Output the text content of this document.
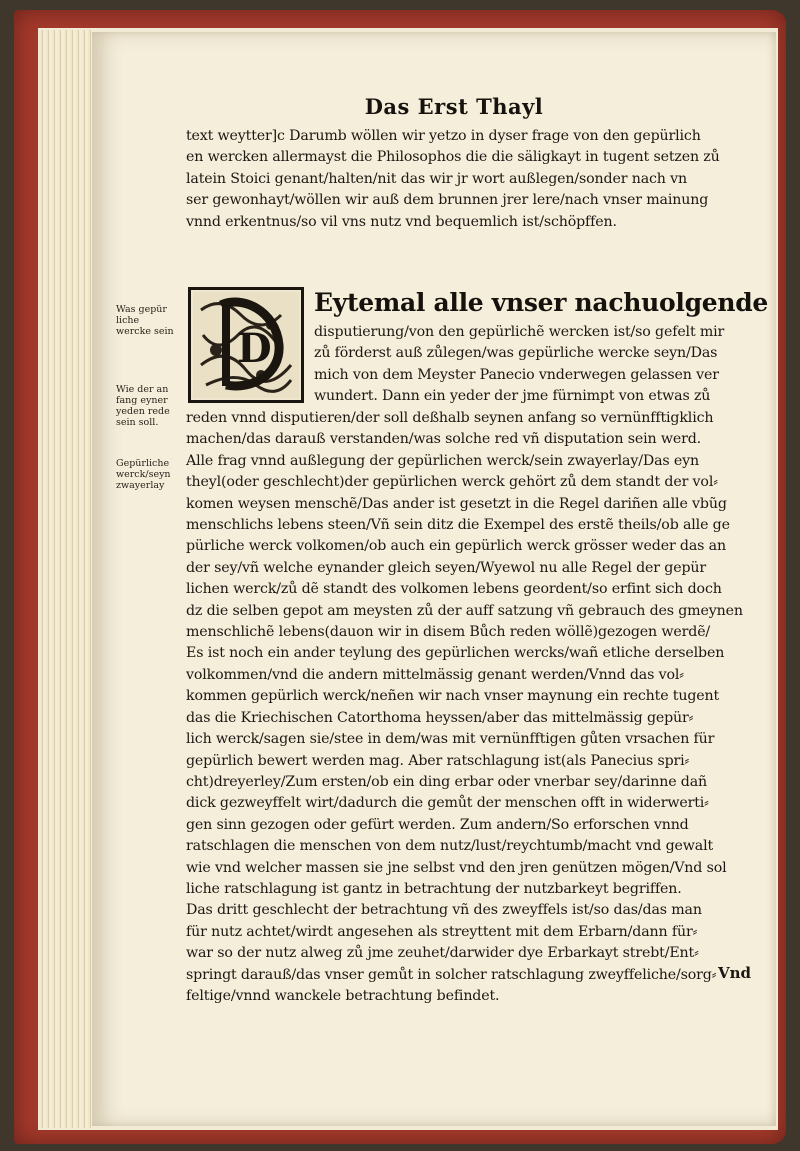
Das Erst Thayl
text weytter]c Darumb wöllen wir yetzo in dyser frage von den gepürlich
en wercken allermayst die Philosophos die die säligkayt in tugent setzen zů
latein Stoici genant/halten/nit das wir jr wort außlegen/sonder nach vn
ser gewonhayt/wöllen wir auß dem brunnen jrer lere/nach vnser mainung
vnnd erkentnus/so vil vns nutz vnd bequemlich ist/schöpffen.
Was gepür liche wercke sein
Wie der an fang eyner yeden rede sein soll.
Gepürliche werck/seyn zwayerlay
D
Eytemal alle vnser nachuolgende
disputierung/von den gepürlichẽ wercken ist/so gefelt mir
zů förderst auß zůlegen/was gepürliche wercke seyn/Das
mich von dem Meyster Panecio vnderwegen gelassen ver
wundert. Dann ein yeder der jme fürnimpt von etwas zů
reden vnnd disputieren/der soll deßhalb seynen anfang so vernünfftigklich
machen/das darauß verstanden/was solche red vñ disputation sein werd.
Alle frag vnnd außlegung der gepürlichen werck/sein zwayerlay/Das eyn
theyl(oder geschlecht)der gepürlichen werck gehört zů dem standt der vol⸗
komen weysen menschẽ/Das ander ist gesetzt in die Regel dariñen alle vbũg
menschlichs lebens steen/Vñ sein ditz die Exempel des erstẽ theils/ob alle ge
pürliche werck volkomen/ob auch ein gepürlich werck grösser weder das an
der sey/vñ welche eynander gleich seyen/Wyewol nu alle Regel der gepür
lichen werck/zů dẽ standt des volkomen lebens geordent/so erfint sich doch
dz die selben gepot am meysten zů der auff satzung vñ gebrauch des gmeynen
menschlichẽ lebens(dauon wir in disem Bůch reden wöllẽ)gezogen werdẽ/
Es ist noch ein ander teylung des gepürlichen wercks/wañ etliche derselben
volkommen/vnd die andern mittelmässig genant werden/Vnnd das vol⸗
kommen gepürlich werck/neñen wir nach vnser maynung ein rechte tugent
das die Kriechischen Catorthoma heyssen/aber das mittelmässig gepür⸗
lich werck/sagen sie/stee in dem/was mit vernünfftigen gůten vrsachen für
gepürlich bewert werden mag. Aber ratschlagung ist(als Panecius spri⸗
cht)dreyerley/Zum ersten/ob ein ding erbar oder vnerbar sey/darinne dañ
dick gezweyffelt wirt/dadurch die gemůt der menschen offt in widerwerti⸗
gen sinn gezogen oder gefürt werden. Zum andern/So erforschen vnnd
ratschlagen die menschen von dem nutz/lust/reychtumb/macht vnd gewalt
wie vnd welcher massen sie jne selbst vnd den jren genützen mögen/Vnd sol
liche ratschlagung ist gantz in betrachtung der nutzbarkeyt begriffen.
Das dritt geschlecht der betrachtung vñ des zweyffels ist/so das/das man
für nutz achtet/wirdt angesehen als streyttent mit dem Erbarn/dann für⸗
war so der nutz alweg zů jme zeuhet/darwider dye Erbarkayt strebt/Ent⸗
springt darauß/das vnser gemůt in solcher ratschlagung zweyffeliche/sorg⸗
feltige/vnnd wanckele betrachtung befindet.
Vnd
